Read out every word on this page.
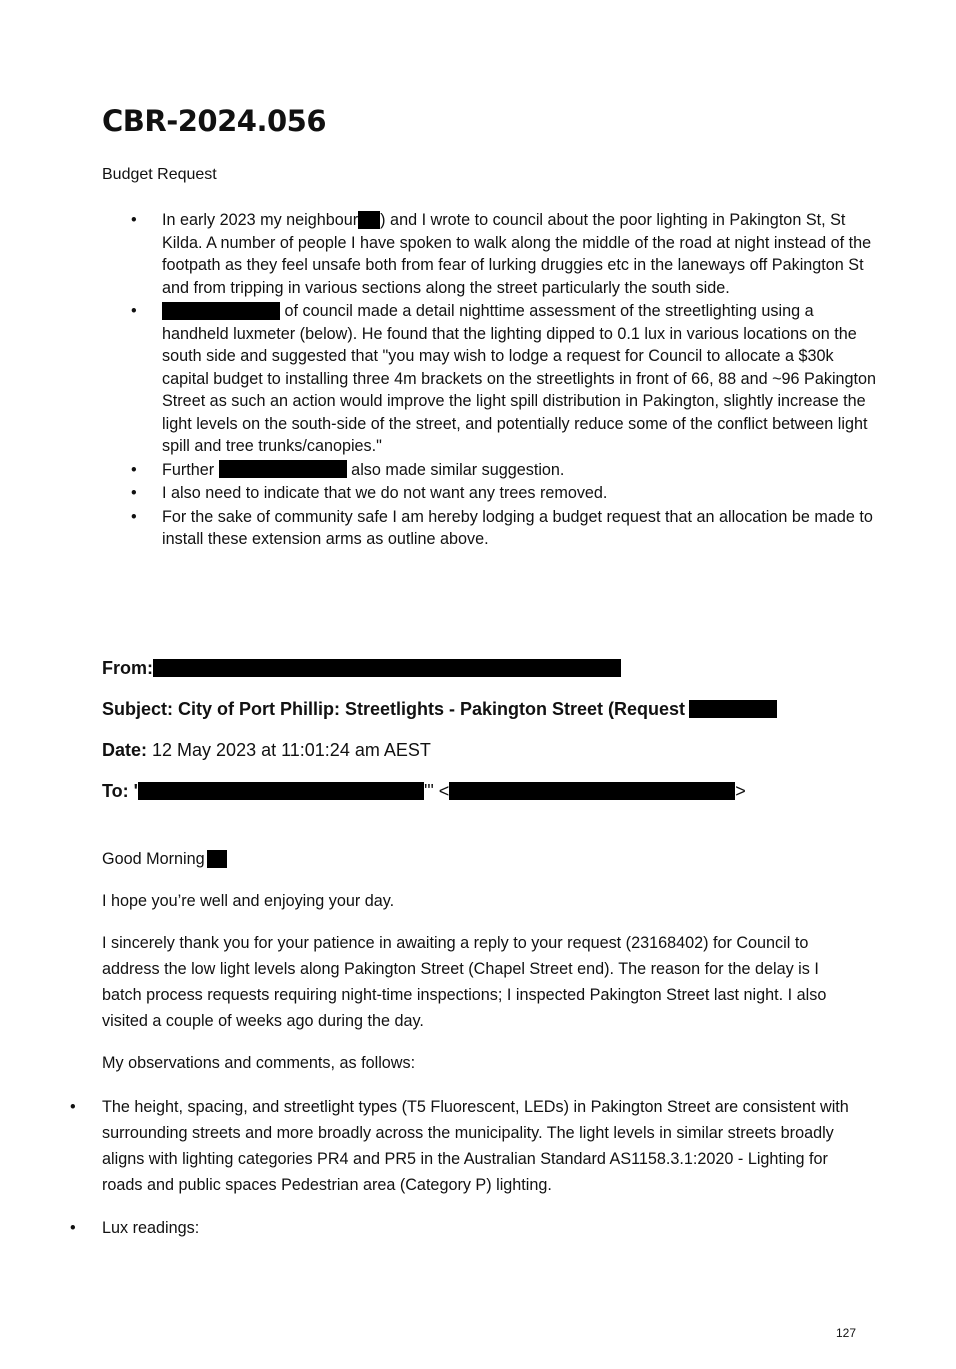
CBR-2024.056
Budget Request
• In early 2023 my neighbour ) and I wrote to council about the poor lighting in Pakington St, St Kilda. A number of people I have spoken to walk along the middle of the road at night instead of the footpath as they feel unsafe both from fear of lurking druggies etc in the laneways off Pakington St and from tripping in various sections along the street particularly the south side.
•	of council made a detail nighttime assessment of the streetlighting using a handheld luxmeter (below). He found that the lighting dipped to 0.1 lux in various locations on the south side and suggested that "you may wish to lodge a request for Council to allocate a $30k capital budget to installing three 4m brackets on the streetlights in front of 66, 88 and ~96 Pakington Street as such an action would improve the light spill distribution in Pakington, slightly increase the light levels on the south-side of the street, and potentially reduce some of the conflict between light spill and tree trunks/canopies."
• Further	also made similar suggestion.
• I also need to indicate that we do not want any trees removed.
• For the sake of community safe I am hereby lodging a budget request that an allocation be made to install these extension arms as outline above.
From:
Subject: City of Port Phillip: Streetlights - Pakington Street (Request
Date: 12 May 2023 at 11:01:24 am AEST
To: '	'" <	>
Good Morning

I hope you’re well and enjoying your day.

I sincerely thank you for your patience in awaiting a reply to your request (23168402) for Council to address the low light levels along Pakington Street (Chapel Street end). The reason for the delay is I batch process requests requiring night-time inspections; I inspected Pakington Street last night. I also visited a couple of weeks ago during the day.

My observations and comments, as follows:

• The height, spacing, and streetlight types (T5 Fluorescent, LEDs) in Pakington Street are consistent with surrounding streets and more broadly across the municipality. The light levels in similar streets broadly aligns with lighting categories PR4 and PR5 in the Australian Standard AS1158.3.1:2020 - Lighting for roads and public spaces Pedestrian area (Category P) lighting.
• Lux readings:
127
